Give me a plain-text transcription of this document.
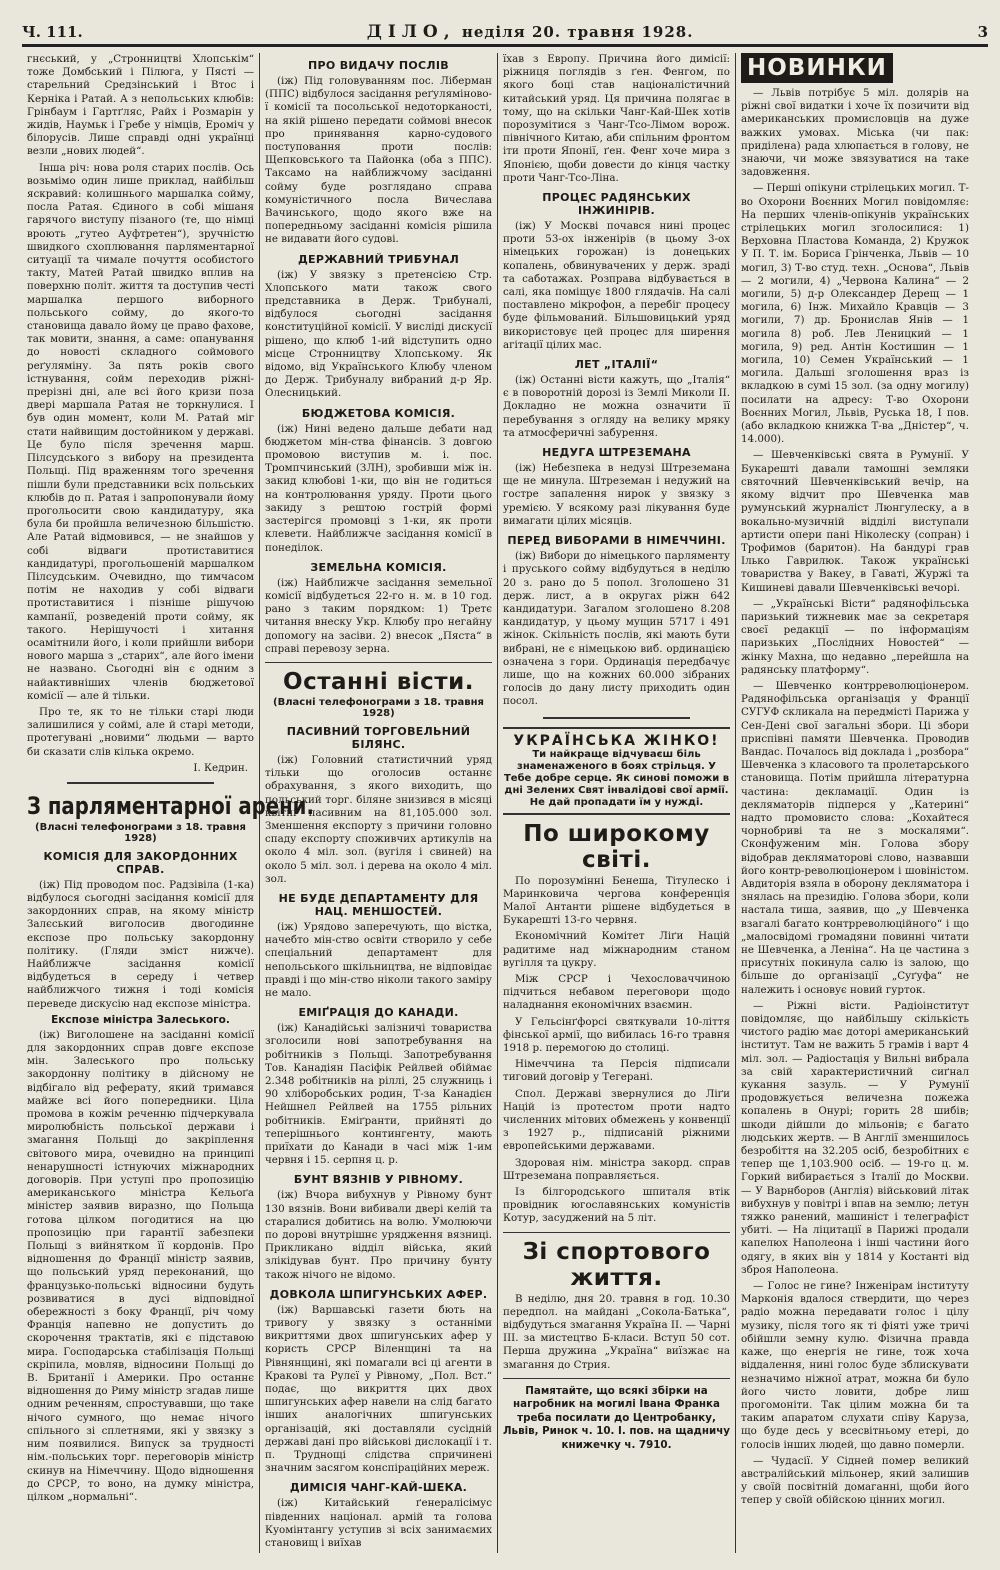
Ч. 111.	ДІЛО, неділя 20. травня 1928.	3

гнєський, у „Стронництві Хлопськім“ тоже Домбський і Пілюга, у Пясті — старельний Средзінський і Втос і Керніка і Ратай. А з непольських клюбів: Грінбаум і Гартґляс, Райх і Розмарін у жидів, Наумьк і Гребе у німців, Ероміч у білорусів. Лише справді одні українці везли „нових людей“.

Інша річ: нова роля старих послів. Ось возьмімо один лише приклад, найбільш яскравий: колишнього маршалка сойму, посла Ратая. Єдиного в собі мішаня гарячого виступу пізаного (те, що німці вроють „гутео Ауфтретен“), зручністю швидкого схоплювання парляментарної ситуації та чимале почуття особистого такту, Матей Ратай швидко вплив на поверхню політ. життя та доступив честі маршалка першого виборного польського сойму, до якого-то становища давало йому це право фахове, так мовити, знання, а саме: опанування до новості складного соймового реґуляміну. За пять років свого істнування, сойм переходив ріжні-прерізні дні, але всі його кризи поза двері маршала Ратая не торкнулися. І був один момент, коли М. Ратай міг стати найвищим достойником у державі. Це було після зречення марш. Пілсудського з вибору на президента Польщі. Під враженням того зречення пішли були представники всіх польських клюбів до п. Ратая і запропонували йому прогольосити свою кандидатуру, яка була би пройшла величезною більшістю. Але Ратай відмовився, — не знайшов у собі відваги протиставитися кандидатурі, прогольошеній маршалком Пілсудським. Очевидно, що тимчасом потім не находив у собі відваги протиставитися і пізніше рішучою кампанії, розведеній проти сойму, як такого. Нерішучості і хитання осамітнили його, і коли прийшли вибори нового марша з „старих“, але його імени не названо. Сьогодні він є одним з найактивніших членів бюджетової комісії — але й тільки.

Про те, як то не тільки старі люди залишилися у соймі, але й старі методи, протегувані „новими“ людьми — варто би сказати слів кілька окремо.

І. Кедрин.
З парляментарної арени.
(Власні телефонограми з 18. травня 1928)
КОМІСІЯ ДЛЯ ЗАКОРДОННИХ СПРАВ.

(іж) Під проводом пос. Радзівіла (1-ка) відбулося сьогодні засідання комісії для закордонних справ, на якому міністр Залєський виголосив двогодинне експозе про польську закордонну політику. (Гляди зміст нижче). Найближче засідання комісії відбудеться в середу і четвер найближчого тижня і тоді комісія переведе дискусію над експозе міністра.

Експозе міністра Залеського.

(іж) Виголошене на засіданні комісії для закордонних справ довге експозе мін. Залеського про польську закордонну політику в дійсному не відбігало від реферату, який тримався майже всі його попередники. Ціла промова в кожім реченню підчеркувала миролюбність польської держави і змагання Польщі до закріплення світового мира, очевидно на принципі ненарушності істнуючих міжнародних договорів. При уступі про пропозицію американського міністра Кельоґа міністер заявив виразно, що Польща готова цілком погодитися на цю пропозицію при гарантії забезпеки Польщі з вийнятком її кордонів. Про відношення до Франції міністр заявив, що польський уряд переконаний, що французько-польські відносини будуть розвиватися в дусі відповідної обережності з боку Франції, річ чому Франція напевно не допустить до скорочення трактатів, які є підставою мира. Господарська стабілізація Польщі скріпила, мовляв, відносини Польщі до В. Британії і Америки. Про останнє відношення до Риму міністр згадав лише одним реченням, спростувавши, що таке нічого сумного, що немає нічого спільного зі сплетнями, які у звязку з ним появилися. Випуск за трудності нім.-польських торг. переговорів міністр скинув на Німеччину. Щодо відношення до СРСР, то воно, на думку міністра, цілком „нормальні“.

ПРО ВИДАЧУ ПОСЛІВ

(іж) Під головуванням пос. Ліберман (ППС) відбулося засідання реґуляміново-ї комісії та посольської недоторканості, на якій рішено передати соймові внесок про принявання карно-судового поступовання проти послів: Щепковського та Пайонка (оба з ППС). Таксамо на найближчому засіданні сойму буде розглядано справа комуністичного посла Вичеслава Вачинського, щодо якого вже на попередньому засіданні комісія рішила не видавати його судові.

ДЕРЖАВНИЙ ТРИБУНАЛ

(іж) У звязку з претенсією Стр. Хлопського мати також свого представника в Держ. Трибуналі, відбулося сьогодні засідання конституційної комісії. У висліді дискусії рішено, що клюб 1-ий відступить одно місце Стронництву Хлопському. Як відомо, від Українського Клюбу членом до Держ. Трибуналу вибраний д-р Яр. Олесницький.

БЮДЖЕТОВА КОМІСІЯ.

(іж) Нині ведено дальше дебати над бюджетом мін-ства фінансів. З довгою промовою виступив м. і. пос. Тромпчинський (ЗЛН), зробивши між ін. закид клюбові 1-ки, що він не годиться на контролювання уряду. Проти цього закиду з рештою гострій формі застерігся промовці з 1-ки, як проти клевети. Найближче засідання комісії в понеділок.

ЗЕМЕЛЬНА КОМІСІЯ.

(іж) Найближче засідання земельної комісії відбудеться 22-го н. м. в 10 год. рано з таким порядком: 1) Третє читання внеску Укр. Клюбу про негайну допомогу на засіви. 2) внесок „Пяста“ в справі перевозу зерна.

Останні вісти.
(Власні телефонограми з 18. травня 1928)
ПАСИВНИЙ ТОРГОВЕЛЬНИЙ БІЛЯНС.

(іж) Головний статистичний уряд тільки що оголосив останнє обрахування, з якого виходить, що польський торг. біляне знизився в місяці квітні пасивним на 81,105.000 зол. Зменшення експорту з причини головно спаду експорту споживчих артикулів на около 4 міл. зол. (вугіля і свиней) на около 5 міл. зол. і дерева на около 4 міл. зол.

НЕ БУДЕ ДЕПАРТАМЕНТУ ДЛЯ НАЦ. МЕНШОСТЕЙ.

(іж) Урядово заперечують, що вістка, начебто мін-ство освіти створило у себе спеціальний департамент для непольського шкільництва, не відповідає правді і що мін-ство ніколи такого заміру не мало.

ЕМІҐРАЦІЯ ДО КАНАДИ.

(іж) Канадійські залізничі товариства зголосили нові запотребування на робітників з Польщі. Запотребування Тов. Канадіян Пасіфік Рейлвей обіймає 2.348 робітників на ріллі, 25 служниць і 90 хліборобських родин, Т-за Канадієн Нейшнел Рейлвей на 1755 рільних робітників. Еміґранти, прийняті до теперішнього контингенту, мають приїхати до Канади в часі між 1-им червня і 15. серпня ц. р.

БУНТ ВЯЗНІВ У РІВНОМУ.

(іж) Вчора вибухнув у Рівному бунт 130 вязнів. Вони вибивали двері келій та старалися добитись на волю. Умолюючи по дорові внутрішнє урядження вязниці. Прикликано відділ війська, який злікідував бунт. Про причину бунту також нічого не відомо.

ДОВКОЛА ШПИГУНСЬКИХ АФЕР.

(іж) Варшавські газети бють на тривогу у звязку з останніми викриттями двох шпигунських афер у користь СРСР Віленщині та на Рівнянщині, які помагали всі ці агенти в Кракові та Рулєї у Рівному, „Пол. Вст.“ подає, що викриття цих двох шпигунських афер навели на слід багато інших аналогічних шпигунських організацій, які доставляли сусідній державі дані про військові дислокації і т. п. Труднощі слідства спричинені значним засягом конспіраційних мереж.

ДИМІСІЯ ЧАНГ-КАЙ-ШЕКА.

(іж) Китайський ґенералісімус південних націонал. армій та голова Куомінтангу уступив зі всіх занимаємих становищ і виїхав

їхав з Европу. Причина його димісії: ріжниця поглядів з ґен. Фенгом, по якого боці став націоналістичний китайський уряд. Ця причина полягає в тому, що на скільки Чанг-Кай-Шек хотів порозумітися з Чанг-Тсо-Лімом ворож. північного Китаю, аби спільним фронтом іти проти Японії, ґен. Фенг хоче мира з Японією, щоби довести до кінця частку проти Чанг-Тсо-Ліна.

ПРОЦЕС РАДЯНСЬКИХ ІНЖИНІРІВ.

(іж) У Москві почався нині процес проти 53-ох інженірів (в цьому 3-ох німецьких горожан) із донецьких копалень, обвинувачених у держ. зраді та саботажах. Розправа відбувається в салі, яка поміщує 1800 глядачів. На салі поставлено мікрофон, а перебіг процесу буде фільмований. Більшовицький уряд використовує цей процес для ширення агітації цілих мас.

ЛЕТ „ІТАЛІЇ“

(іж) Останні вісти кажуть, що „Італія“ є в поворотній дорозі із Землі Миколи II. Докладно не можна означити її перебування з огляду на велику мряку та атмосферичні забурення.

НЕДУГА ШТРЕЗЕМАНА

(іж) Небезпека в недузі Штреземана ще не минула. Штреземан і недужий на гостре запалення нирок у звязку з уремією. У всякому разі лікування буде вимагати цілих місяців.

ПЕРЕД ВИБОРАМИ В НІМЕЧЧИНІ.

(іж) Вибори до німецького парляменту і пруського сойму відбудуться в неділю 20 з. рано до 5 попол. Зголошено 31 держ. лист, а в округах ріжн 642 кандидатури. Загалом зголошено 8.208 кандидатур, у цьому мущин 5717 і 491 жінок. Скільність послів, які мають бути вибрані, не є німецькою виб. ординацією означена з гори. Ординація передбачує лише, що на кожних 60.000 зібраних голосів до дану листу приходить один посол.

УКРАЇНСЬКА ЖІНКО!
Ти найкраще відчуваєш біль знаменаженого в боях стрільця. У Тебе добре серце. Як синові поможи в дні Зелених Свят інвалідові свої армії. Не дай пропадати їм у нужді.
По широкому світі.

По порозумінні Бенеша, Тітулеско і Маринковича чергова конференція Малої Антанти рішене відбудеться в Букарешті 13-го червня.

Економічний Комітет Ліґи Націй радитиме над міжнародним станом вугілля та цукру.

Між СРСР і Чехословаччиною підчиться небавом переговори щодо наладнання економічних взаємин.

У Гельсінґфорсі святкували 10-ліття фінської армії, що вибилась 16-го травня 1918 р. перемогою до столиці.

Німеччина та Персія підписали тиговий договір у Тегерані.

Спол. Державі звернулися до Ліґи Націй із протестом проти надто численних мітових обмежень у конвенції з 1927 р., підписаній ріжними европейськими державами.

Здоровая нім. міністра закорд. справ Штреземана поправляється.

Із білгородського шпиталя втік провідник югославянських комуністів Котур, засуджений на 5 літ.

Зі спортового життя.

В неділю, дня 20. травня в год. 10.30 передпол. на майдані „Сокола-Батька“, відбудуться змагання Україна II. — Чарні III. за мистецтво Б-класи. Вступ 50 сот. Перша дружина „Україна“ виїзжає на змагання до Стрия.

Памятайте, що всякі збірки на нагробник на могилі Івана Франка треба посилати до Центробанку, Львів, Ринок ч. 10. І. пов. на щадничу книжечку ч. 7910.
НОВИНКИ

— Львів потрібує 5 міл. долярів на ріжні свої видатки і хоче їх позичити від американських промисловців на дуже важких умовах. Міська (чи пак: приділена) рада хлюпається в голову, не знаючи, чи може звязуватися на таке задовження.

— Перші опікуни стрілецьких могил. Т-во Охорони Воєнних Могил повідомляє: На перших членів-опікунів українських стрілецьких могил зголосилися: 1) Верховна Пластова Команда, 2) Кружок У П. Т. ім. Бориса Грінченка, Львів — 10 могил, 3) Т-во студ. техн. „Основа“, Львів — 2 могили, 4) „Червона Калина“ — 2 могили, 5) д-р Олександер Дерещ — 1 могила, 6) Інж. Михайло Кравців — 3 могили, 7) др. Бронислав Янів — 1 могила 8) роб. Лев Леницкий — 1 могила, 9) ред. Антін Костишин — 1 могила, 10) Семен Український — 1 могила. Дальші зголошення враз із вкладкою в сумі 15 зол. (за одну могилу) посилати на адресу: Т-во Охорони Воєнних Могил, Львів, Руська 18, І пов. (або вкладкою книжка Т-ва „Дністер“, ч. 14.000).

— Шевченківські свята в Румунії. У Букарешті давали тамошні земляки святочний Шевченківський вечір, на якому відчит про Шевченка мав румунський журналіст Люнгулеску, а в вокально-музичній відділі виступали артисти опери пані Ніколеску (сопран) і Трофимов (баритон). На бандурі грав Ілько Гаврилюк. Також українські товариства у Вакеу, в Гаваті, Журжі та Кишиневі давали Шевченківські вечорі.

— „Українські Вісти“ радянофільська паризький тижневик має за секретаря своєї редакції — по інформаціям паризьких „Послідних Новостей“ — жінку Махна, що недавно „перейшла на радянську платформу“.

— Шевченко контрреволюціонером. Радянофільська організація у Франції СУГУФ скликала на передмісті Парижа у Сен-Дені свої загальні збори. Ці збори приспівні памяти Шевченка. Проводив Вандас. Почалось від доклада і „розбора“ Шевченка з класового та пролетарського становища. Потім прийшла літературна частина: декламації. Один із декляматорів підперся у „Катерині“ надто промовисто слова: „Кохайтеся чорнобриві та не з москалями“. Сконфуженим мін. Голова збору відобрав декляматорові слово, назвавши його контр-революціонером і шовіністом. Авдиторія взяла в оборону декляматора і знялась на президію. Голова збори, коли настала тиша, заявив, що „у Шевченка взагалі багато контрреволюційного“ і що „малосвідомі громадяни повинні читати не Шевченка, а Леніна“. На це частина з присутніх покинула салю із залою, що більше до організації „Суґуфа“ не належить і основує новий гурток.

— Ріжні вісти. Радіоінститут повідомляє, що найбільшу скількість чистого радію має доторі американський інститут. Там не важить 5 грамів і варт 4 міл. зол. — Радіостація у Вильні вибрала за свій характеристичний сиґнал кукання зазуль. — У Румунії продовжується величезна пожежа копалень в Онурі; горить 28 шибів; шкоди дійшли до мільонів; є багато людських жертв. — В Англії зменшилось безробіття на 32.205 осіб, безробітних є тепер ще 1,103.900 осіб. — 19-го ц. м. Горкий вибирається з Італії до Москви. — У Варнборов (Англія) військовий літак вибухнув у повітрі і впав на землю; летун тяжко ранений, машиніст і телеграфіст убиті. — На ліцитації в Парижі продали капелюх Наполеона і інші частини його одягу, в яких він у 1814 у Костанті від зброя Наполеона.

— Голос не гине? Інженірам інституту Марконія вдалося ствердити, що через радіо можна передавати голос і цілу музику, після того як ті фіяті уже тричі обійшли земну кулю. Фізична правда каже, що енергія не гине, тож хоча віддалення, нині голос буде зблискувати незначимо ніжної атрат, можна би було його чисто ловити, добре лиш прогомоніти. Так цілим можна би та таким апаратом слухати співу Каруза, що буде десь у всесвітньому етері, до голосів інших людей, що давно померли.

— Чудасії. У Сідней помер великий австралійський мільонер, який залишив у своїй посвітній домаганні, щоби його тепер у своїй обійскою цінних могил.
